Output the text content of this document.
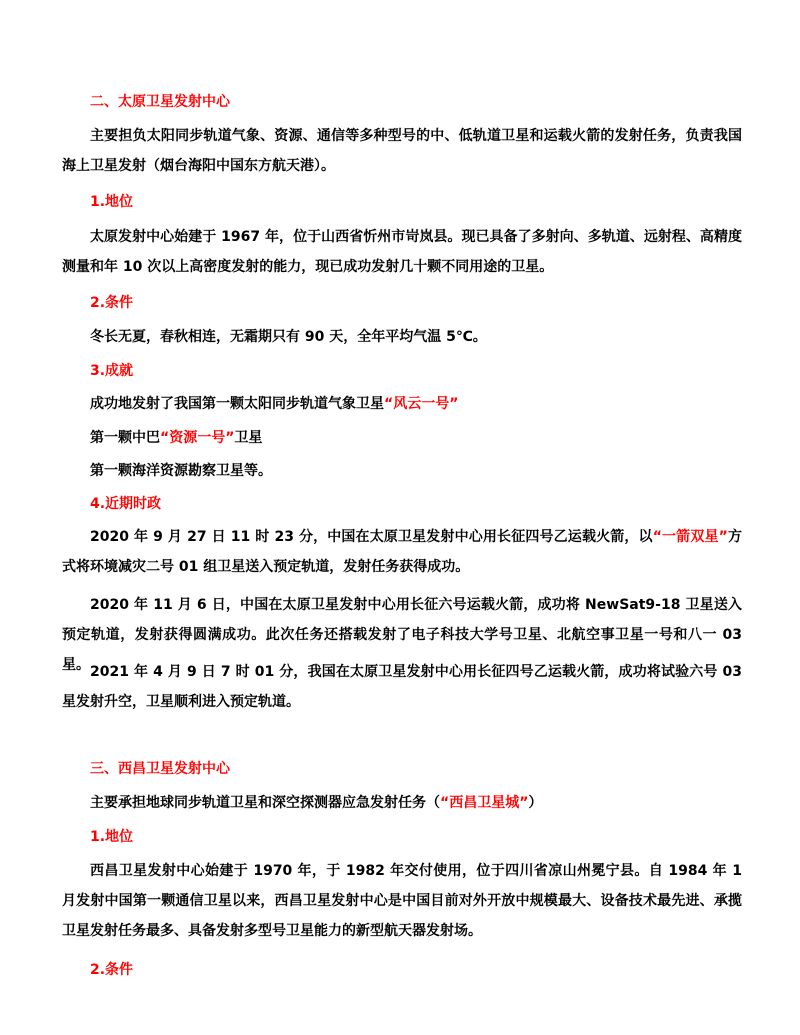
二、太原卫星发射中心

主要担负太阳同步轨道气象、资源、通信等多种型号的中、低轨道卫星和运载火箭的发射任务，负责我国海上卫星发射（烟台海阳中国东方航天港）。

1.地位

太原发射中心始建于 1967 年，位于山西省忻州市岢岚县。现已具备了多射向、多轨道、远射程、高精度测量和年 10 次以上高密度发射的能力，现已成功发射几十颗不同用途的卫星。

2.条件

冬长无夏，春秋相连，无霜期只有 90 天，全年平均气温 5℃。

3.成就

成功地发射了我国第一颗太阳同步轨道气象卫星“风云一号”

第一颗中巴“资源一号”卫星

第一颗海洋资源勘察卫星等。

4.近期时政

2020 年 9 月 27 日 11 时 23 分，中国在太原卫星发射中心用长征四号乙运载火箭，以“一箭双星”方式将环境减灾二号 01 组卫星送入预定轨道，发射任务获得成功。

2020 年 11 月 6 日，中国在太原卫星发射中心用长征六号运载火箭，成功将 NewSat9-18 卫星送入预定轨道，发射获得圆满成功。此次任务还搭载发射了电子科技大学号卫星、北航空事卫星一号和八一 03 星。 2021 年 4 月 9 日 7 时 01 分，我国在太原卫星发射中心用长征四号乙运载火箭，成功将试验六号 03 星发射升空，卫星顺利进入预定轨道。

三、西昌卫星发射中心

主要承担地球同步轨道卫星和深空探测器应急发射任务（“西昌卫星城”）

1.地位

西昌卫星发射中心始建于 1970 年，于 1982 年交付使用，位于四川省凉山州冕宁县。自 1984 年 1 月发射中国第一颗通信卫星以来，西昌卫星发射中心是中国目前对外开放中规模最大、设备技术最先进、承揽卫星发射任务最多、具备发射多型号卫星能力的新型航天器发射场。

2.条件
